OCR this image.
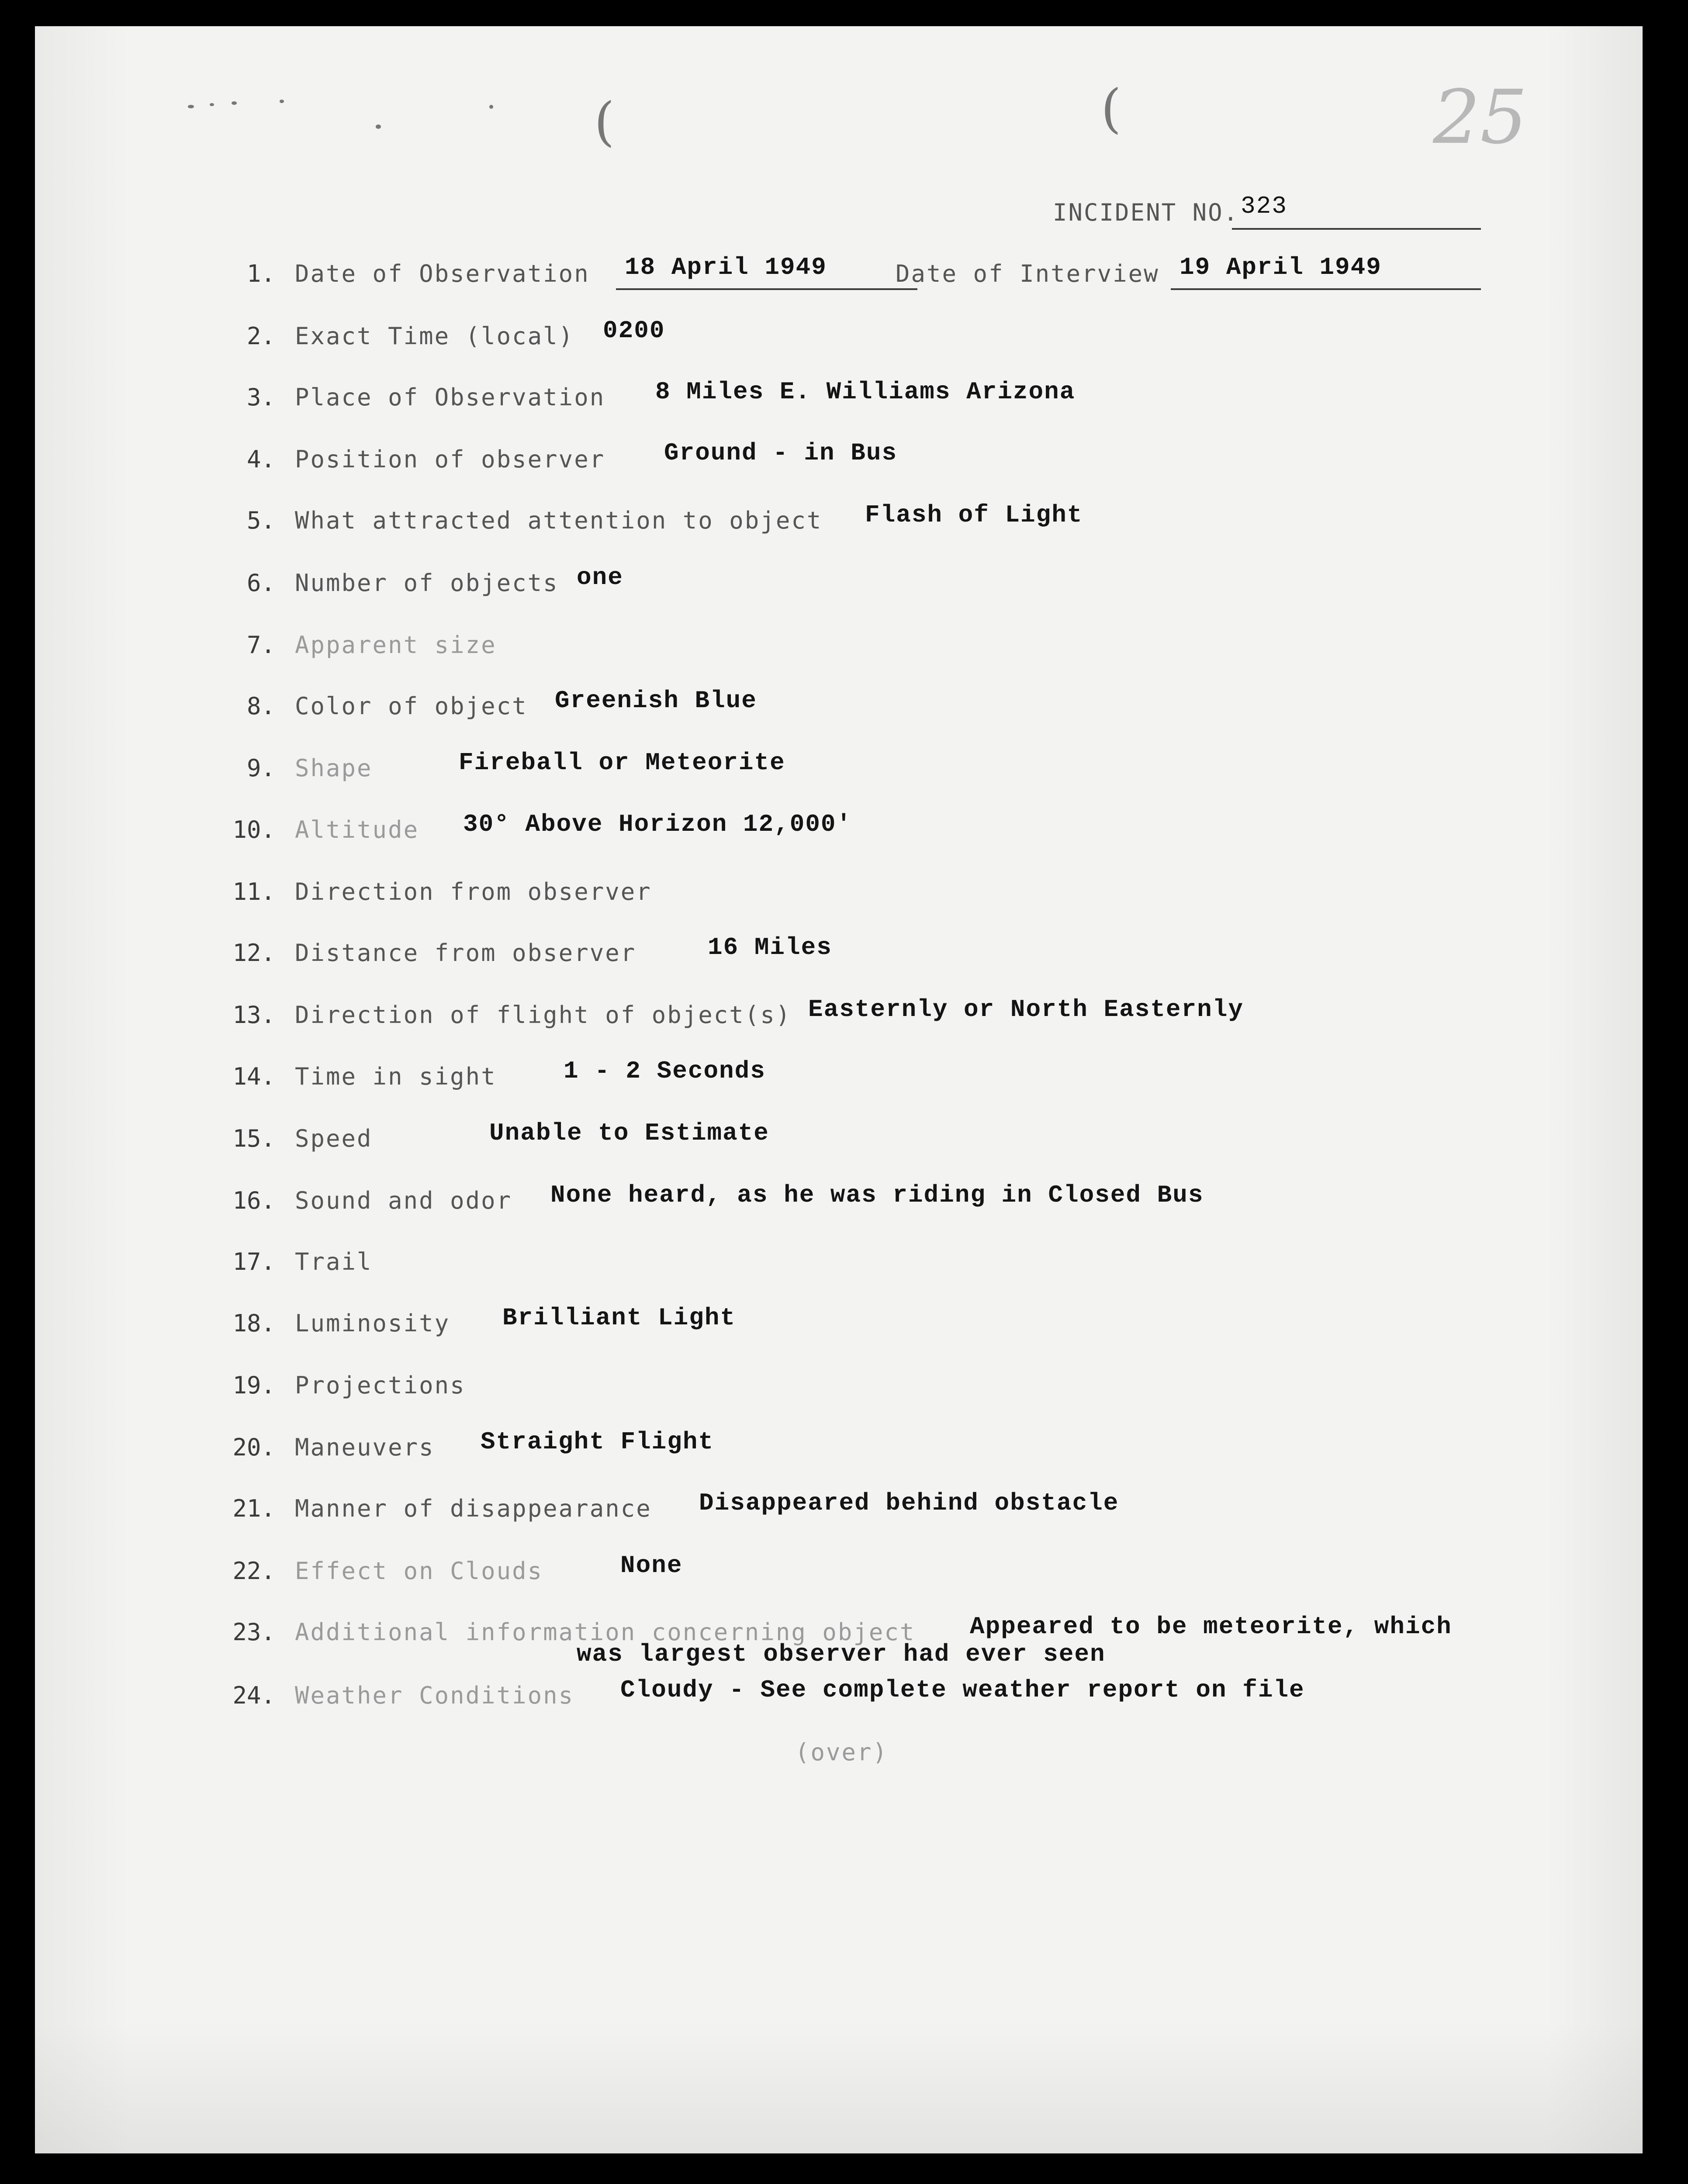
(	(	25
INCIDENT NO. 323
1. Date of Observation 18 April 1949	Date of Interview 19 April 1949
2. Exact Time (local) 0200
3. Place of Observation 8 Miles E. Williams Arizona
4. Position of observer Ground - in Bus
5. What attracted attention to object Flash of Light
6. Number of objects one
7. Apparent size
8. Color of object Greenish Blue
9. Shape	Fireball or Meteorite
10. Altitude 30° Above Horizon 12,000'
11. Direction from observer
12. Distance from observer	16 Miles
13. Direction of flight of object(s) Easternly or North Easternly
14. Time in sight	1 - 2 Seconds
15. Speed	Unable to Estimate
16. Sound and odor None heard, as he was riding in Closed Bus
17. Trail
18. Luminosity Brilliant Light
19. Projections
20. Maneuvers Straight Flight
21. Manner of disappearance Disappeared behind obstacle
22. Effect on Clouds	None
23. Additional information concerning object Appeared to be meteorite, which
was largest observer had ever seen
24. Weather Conditions Cloudy - See complete weather report on file
(over)
